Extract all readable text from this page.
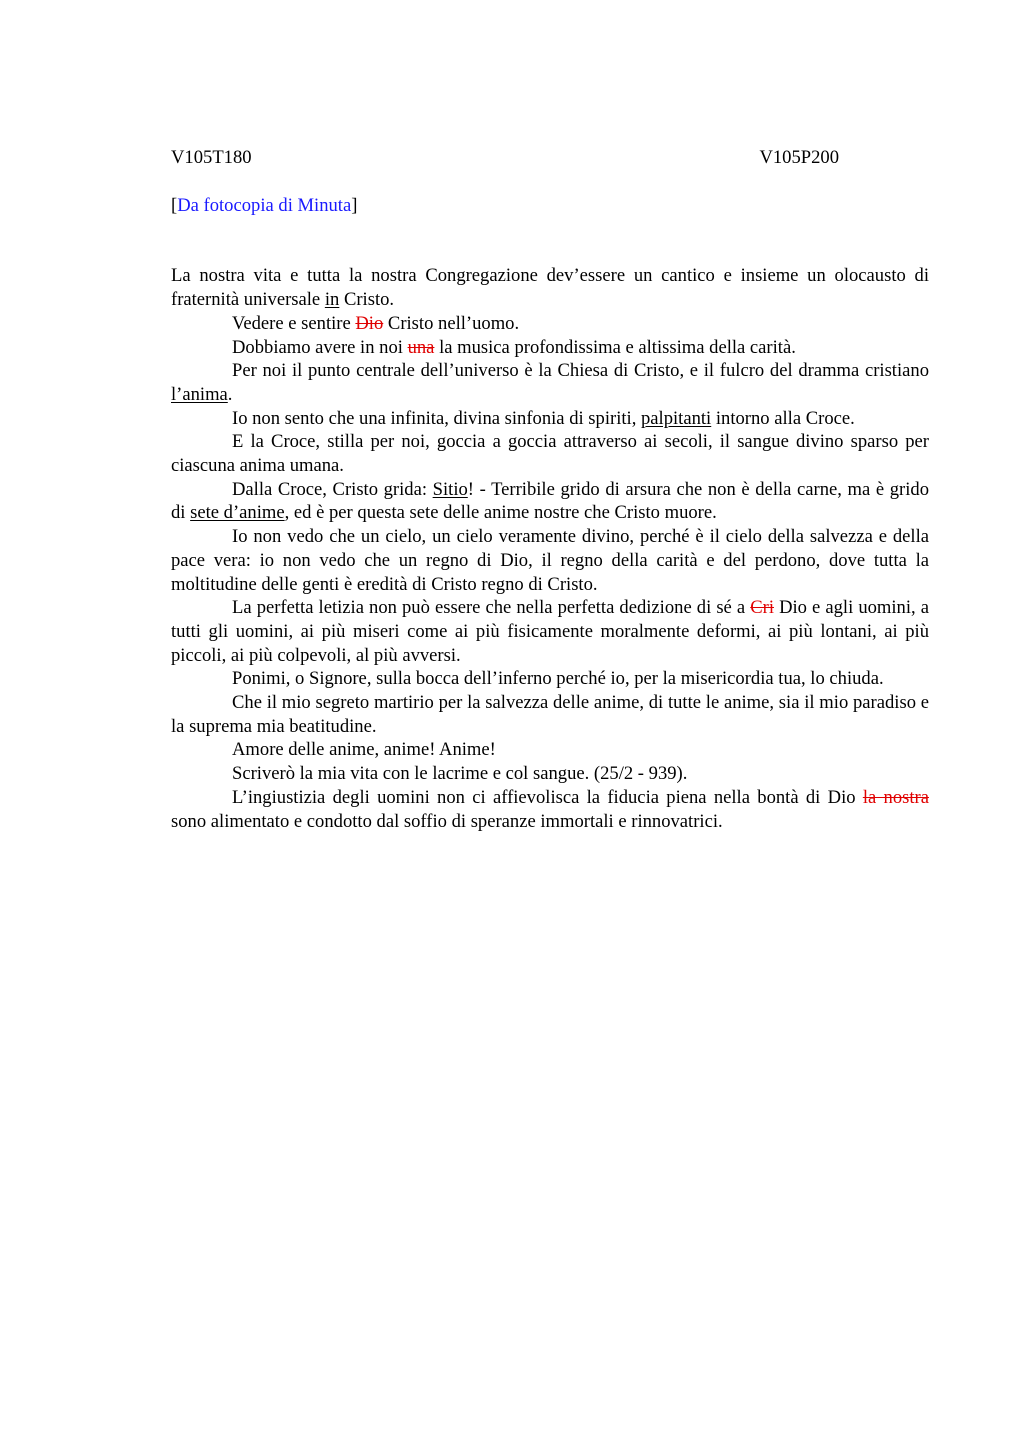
V105T180	V105P200
[Da fotocopia di Minuta]

La nostra vita e tutta la nostra Congregazione dev’essere un cantico e insieme un olocausto di fraternità universale in Cristo.

Vedere e sentire Dio Cristo nell’uomo.

Dobbiamo avere in noi una la musica profondissima e altissima della carità.

Per noi il punto centrale dell’universo è la Chiesa di Cristo, e il fulcro del dramma cristiano l’anima.

Io non sento che una infinita, divina sinfonia di spiriti, palpitanti intorno alla Croce.

E la Croce, stilla per noi, goccia a goccia attraverso ai secoli, il sangue divino sparso per ciascuna anima umana.

Dalla Croce, Cristo grida: Sitio! - Terribile grido di arsura che non è della carne, ma è grido di sete d’anime, ed è per questa sete delle anime nostre che Cristo muore.

Io non vedo che un cielo, un cielo veramente divino, perché è il cielo della salvezza e della pace vera: io non vedo che un regno di Dio, il regno della carità e del perdono, dove tutta la moltitudine delle genti è eredità di Cristo regno di Cristo.

La perfetta letizia non può essere che nella perfetta dedizione di sé a Cri Dio e agli uomini, a tutti gli uomini, ai più miseri come ai più fisicamente moralmente deformi, ai più lontani, ai più piccoli, ai più colpevoli, al più avversi.

Ponimi, o Signore, sulla bocca dell’inferno perché io, per la misericordia tua, lo chiuda.

Che il mio segreto martirio per la salvezza delle anime, di tutte le anime, sia il mio paradiso e la suprema mia beatitudine.

Amore delle anime, anime! Anime!

Scriverò la mia vita con le lacrime e col sangue. (25/2 - 939).

L’ingiustizia degli uomini non ci affievolisca la fiducia piena nella bontà di Dio la nostra sono alimentato e condotto dal soffio di speranze immortali e rinnovatrici.
